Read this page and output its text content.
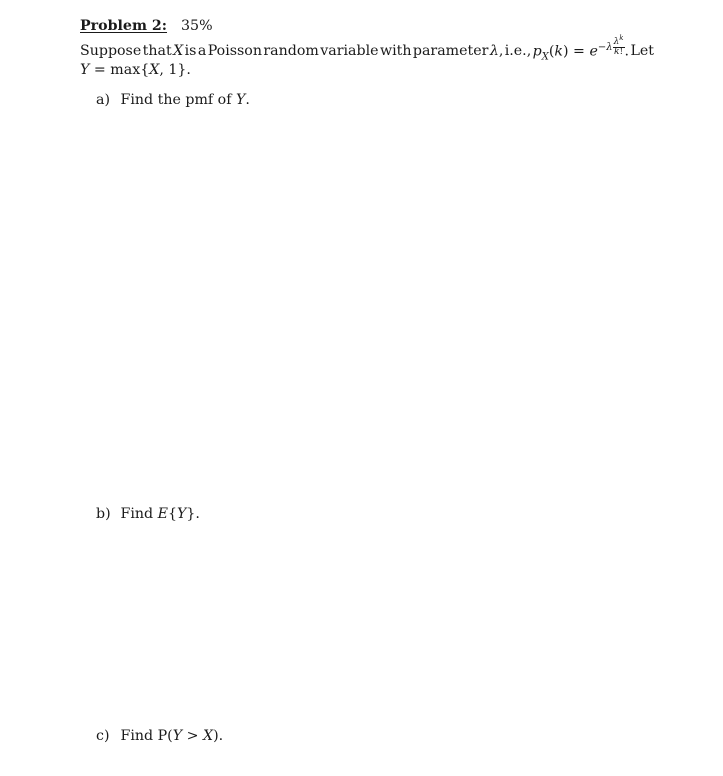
Problem 2: 35%
Suppose that X is a Poisson random variable with parameter λ, i.e., $p_X(k) = e^{-\lambda} \frac{\lambda^k}{k!}$ . Let
Y = max{X, 1}.
a) Find the pmf of Y.
b) Find E{Y}.
c) Find P(Y > X).
